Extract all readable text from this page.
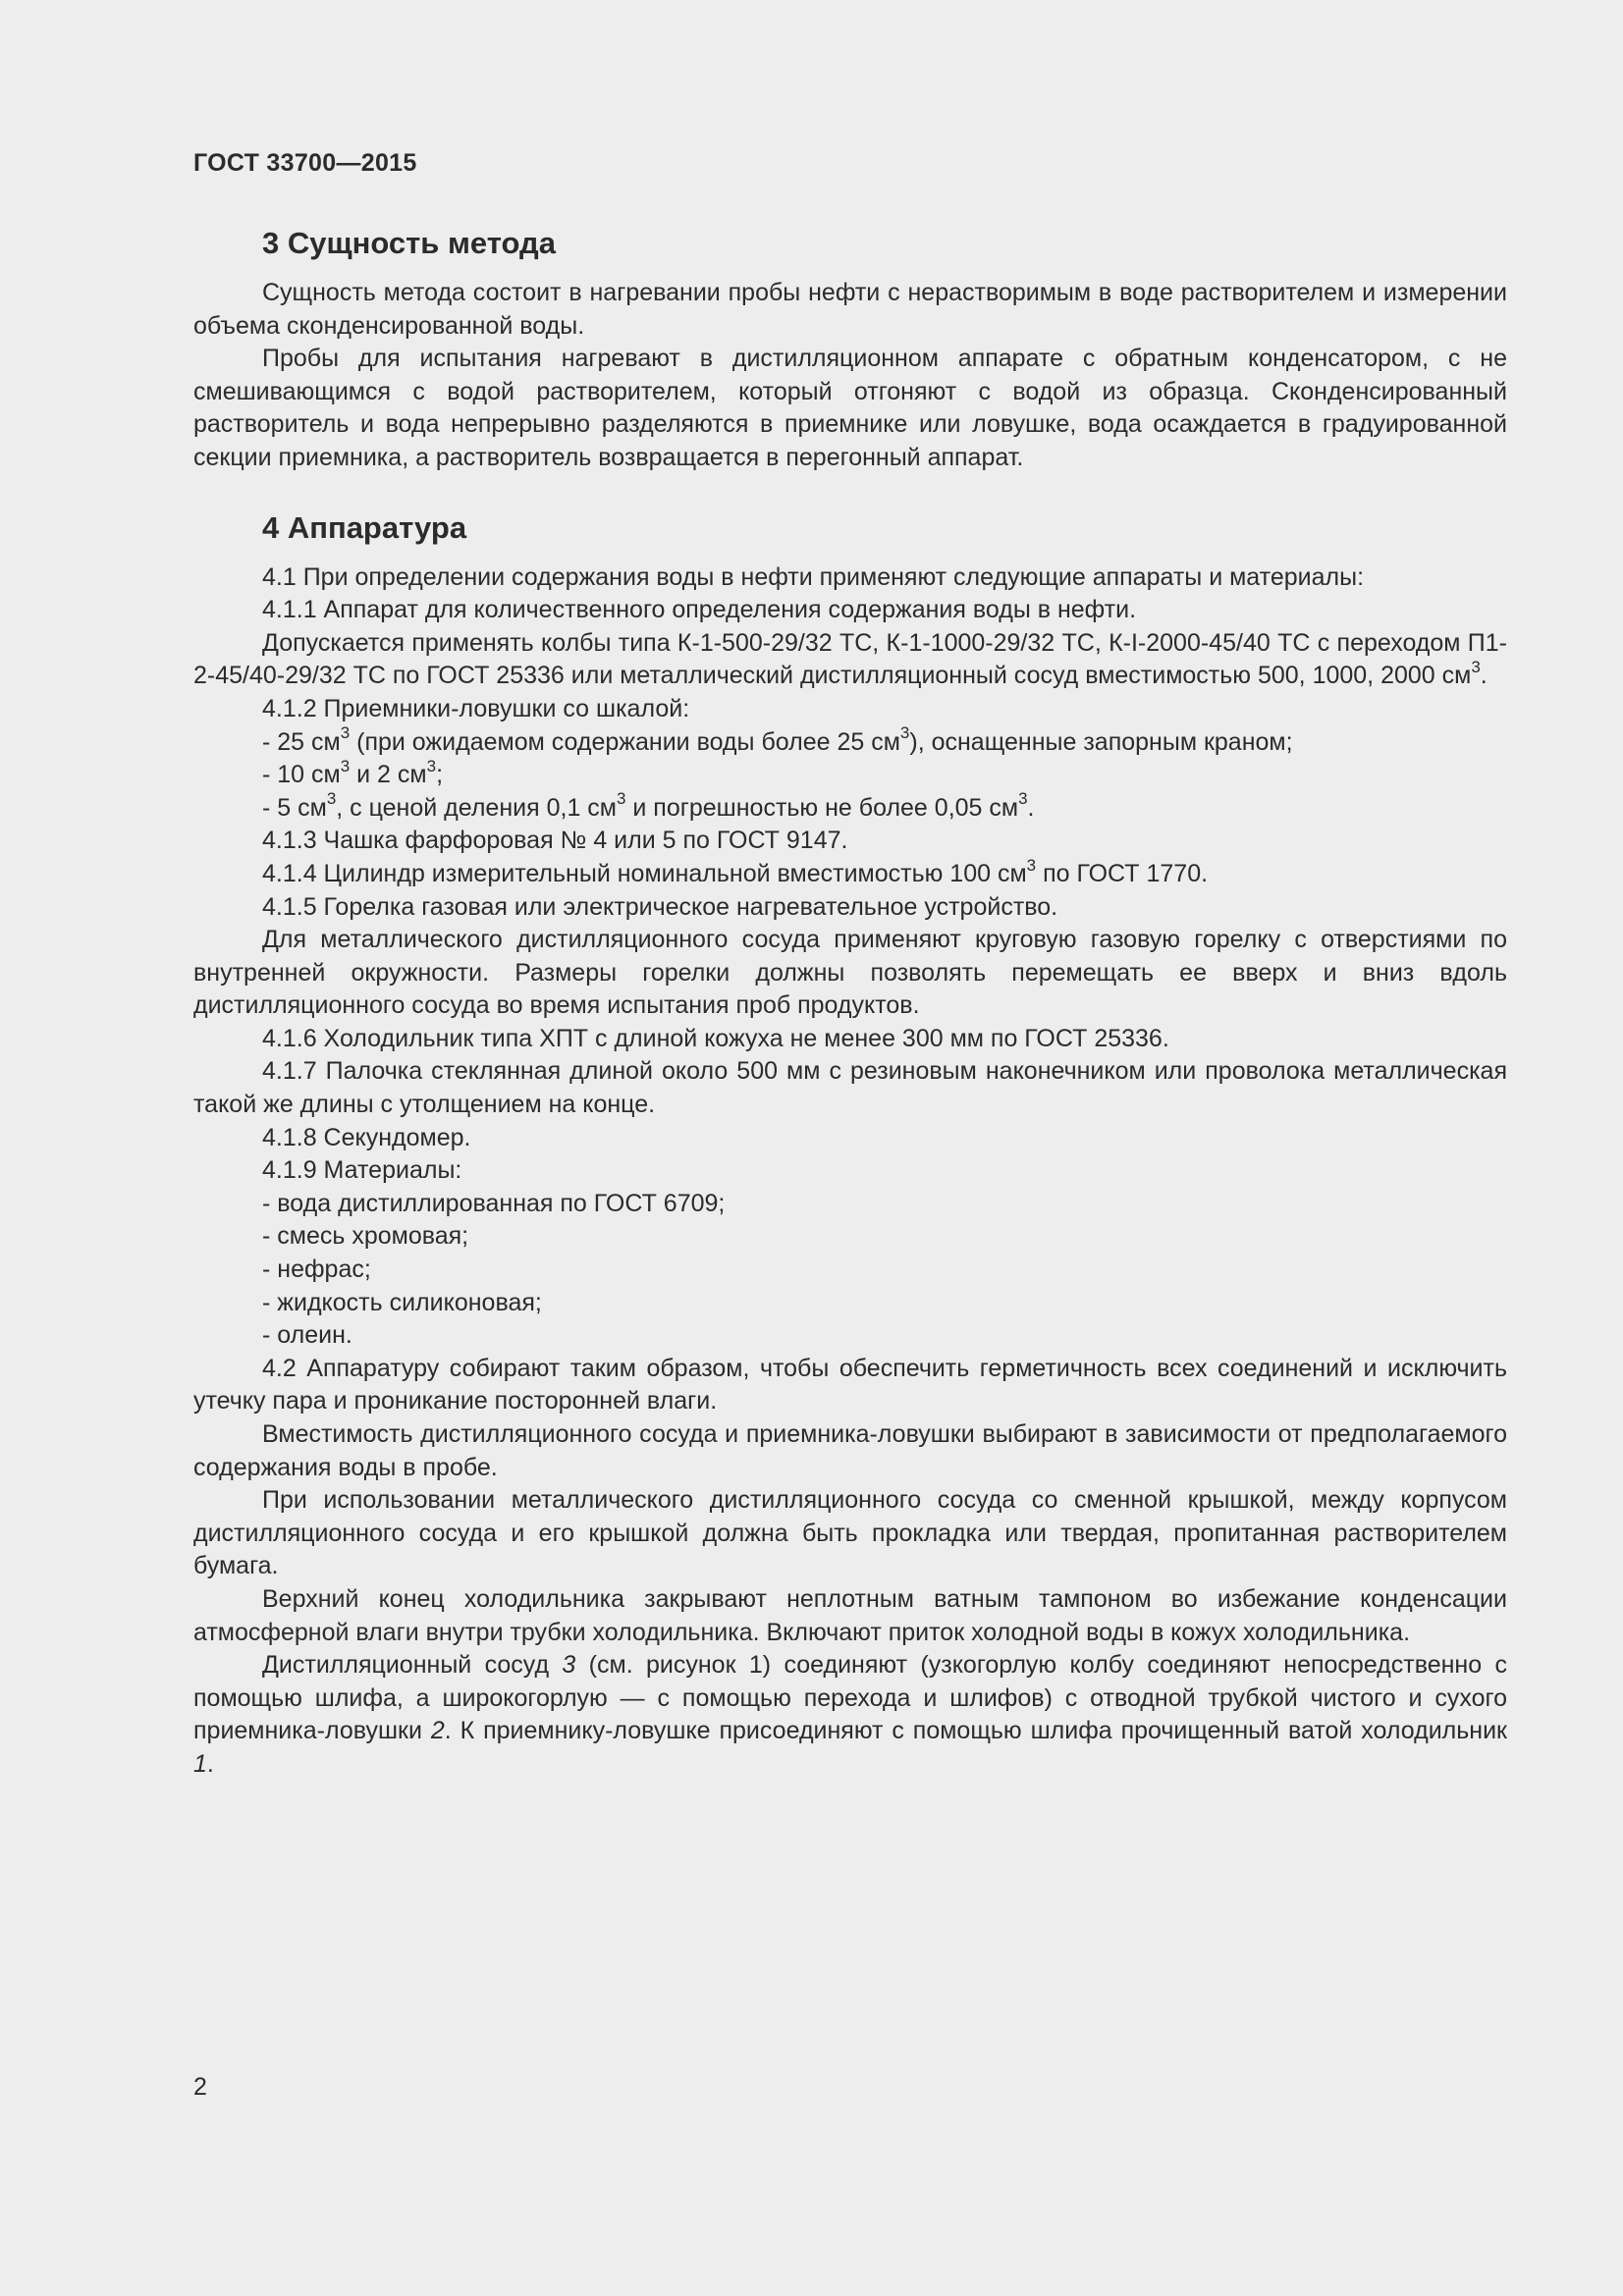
ГОСТ 33700—2015
3 Сущность метода

Сущность метода состоит в нагревании пробы нефти с нерастворимым в воде растворителем и измерении объема сконденсированной воды.

Пробы для испытания нагревают в дистилляционном аппарате с обратным конденсатором, с не смешивающимся с водой растворителем, который отгоняют с водой из образца. Сконденсированный растворитель и вода непрерывно разделяются в приемнике или ловушке, вода осаждается в градуированной секции приемника, а растворитель возвращается в перегонный аппарат.

4 Аппаратура

4.1 При определении содержания воды в нефти применяют следующие аппараты и материалы:

4.1.1 Аппарат для количественного определения содержания воды в нефти.

Допускается применять колбы типа К-1-500-29/32 ТС, К-1-1000-29/32 ТС, К-I-2000-45/40 ТС с переходом П1-2-45/40-29/32 ТС по ГОСТ 25336 или металлический дистилляционный сосуд вместимостью 500, 1000, 2000 $см^3$.

4.1.2 Приемники-ловушки со шкалой:

- 25 $см^3$ (при ожидаемом содержании воды более 25 $см^3$), оснащенные запорным краном;

- 10 $см^3$ и 2 $см^3$;

- 5 $см^3$, с ценой деления 0,1 $см^3$ и погрешностью не более 0,05 $см^3$.

4.1.3 Чашка фарфоровая № 4 или 5 по ГОСТ 9147.

4.1.4 Цилиндр измерительный номинальной вместимостью 100 $см^3$ по ГОСТ 1770.

4.1.5 Горелка газовая или электрическое нагревательное устройство.

Для металлического дистилляционного сосуда применяют круговую газовую горелку с отверстиями по внутренней окружности. Размеры горелки должны позволять перемещать ее вверх и вниз вдоль дистилляционного сосуда во время испытания проб продуктов.

4.1.6 Холодильник типа ХПТ с длиной кожуха не менее 300 мм по ГОСТ 25336.

4.1.7 Палочка стеклянная длиной около 500 мм с резиновым наконечником или проволока металлическая такой же длины с утолщением на конце.

4.1.8 Секундомер.

4.1.9 Материалы:

- вода дистиллированная по ГОСТ 6709;

- смесь хромовая;

- нефрас;

- жидкость силиконовая;

- олеин.

4.2 Аппаратуру собирают таким образом, чтобы обеспечить герметичность всех соединений и исключить утечку пара и проникание посторонней влаги.

Вместимость дистилляционного сосуда и приемника-ловушки выбирают в зависимости от предполагаемого содержания воды в пробе.

При использовании металлического дистилляционного сосуда со сменной крышкой, между корпусом дистилляционного сосуда и его крышкой должна быть прокладка или твердая, пропитанная растворителем бумага.

Верхний конец холодильника закрывают неплотным ватным тампоном во избежание конденсации атмосферной влаги внутри трубки холодильника. Включают приток холодной воды в кожух холодильника.

Дистилляционный сосуд 3 (см. рисунок 1) соединяют (узкогорлую колбу соединяют непосредственно с помощью шлифа, а широкогорлую — с помощью перехода и шлифов) с отводной трубкой чистого и сухого приемника-ловушки 2. К приемнику-ловушке присоединяют с помощью шлифа прочищенный ватой холодильник 1.

2
